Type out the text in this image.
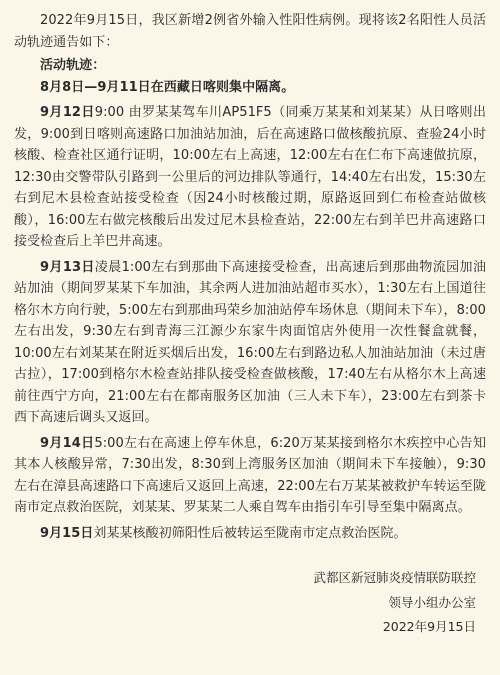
2022年9月15日，我区新增2例省外输入性阳性病例。现将该2名阳性人员活动轨迹通告如下：

活动轨迹：

8月8日—9月11日在西藏日喀则集中隔离。

9月12日9:00 由罗某某驾车川AP51F5（同乘万某某和刘某某）从日喀则出发，9:00到日喀则高速路口加油站加油，后在高速路口做核酸抗原、查验24小时核酸、检查社区通行证明，10:00左右上高速，12:00左右在仁布下高速做抗原，12:30由交警带队引路到一公里后的河边排队等通行，14:40左右出发，15:30左右到尼木县检查站接受检查（因24小时核酸过期，原路返回到仁布检查站做核酸），16:00左右做完核酸后出发过尼木县检查站，22:00左右到羊巴井高速路口接受检查后上羊巴井高速。

9月13日凌晨1:00左右到那曲下高速接受检查，出高速后到那曲物流园加油站加油（期间罗某某下车加油，其余两人进加油站超市买水），1:30左右上国道往格尔木方向行驶，5:00左右到那曲玛荣乡加油站停车场休息（期间未下车），8:00左右出发，9:30左右到青海三江源少东家牛肉面馆店外使用一次性餐盒就餐，10:00左右刘某某在附近买烟后出发，16:00左右到路边私人加油站加油（未过唐古拉），17:00到格尔木检查站排队接受检查做核酸，17:40左右从格尔木上高速前往西宁方向，21:00左右在都南服务区加油（三人未下车），23:00左右到茶卡西下高速后调头又返回。

9月14日5:00左右在高速上停车休息，6:20万某某接到格尔木疾控中心告知其本人核酸异常，7:30出发，8:30到上湾服务区加油（期间未下车接触），9:30左右在漳县高速路口下高速后又返回上高速，22:00左右万某某被救护车转运至陇南市定点救治医院，刘某某、罗某某二人乘自驾车由指引车引导至集中隔离点。

9月15日刘某某核酸初筛阳性后被转运至陇南市定点救治医院。

武都区新冠肺炎疫情联防联控
领导小组办公室
2022年9月15日
